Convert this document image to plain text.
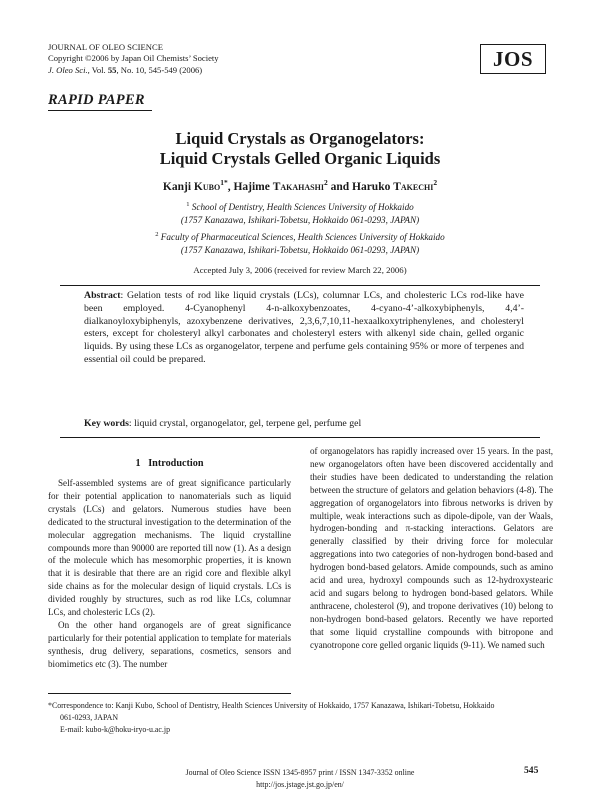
JOURNAL OF OLEO SCIENCE
Copyright ©2006 by Japan Oil Chemists’ Society
J. Oleo Sci., Vol. 55, No. 10, 545-549 (2006)	JOS
RAPID PAPER
Liquid Crystals as Organogelators:
Liquid Crystals Gelled Organic Liquids
Kanji Kubo$^{1*}$, Hajime Takahashi$^2$ and Haruko Takechi$^2$
$^1$ School of Dentistry, Health Sciences University of Hokkaido
(1757 Kanazawa, Ishikari-Tobetsu, Hokkaido 061-0293, JAPAN)
$^2$ Faculty of Pharmaceutical Sciences, Health Sciences University of Hokkaido
(1757 Kanazawa, Ishikari-Tobetsu, Hokkaido 061-0293, JAPAN)
Accepted July 3, 2006 (received for review March 22, 2006)
Abstract: Gelation tests of rod like liquid crystals (LCs), columnar LCs, and cholesteric LCs rod-like have been employed. 4-Cyanophenyl 4-n-alkoxybenzoates, 4-cyano-4’-alkoxybiphenyls, 4,4’-dialkanoyloxybiphenyls, azoxybenzene derivatives, 2,3,6,7,10,11-hexaalkoxytriphenylenes, and cholesteryl esters, except for cholesteryl alkyl carbonates and cholesteryl esters with alkenyl side chain, gelled organic liquids. By using these LCs as organogelator, terpene and perfume gels containing 95% or more of terpenes and essential oil could be prepared.
Key words: liquid crystal, organogelator, gel, terpene gel, perfume gel
1 Introduction

Self-assembled systems are of great significance particularly for their potential application to nanomaterials such as liquid crystals (LCs) and gelators. Numerous studies have been dedicated to the structural investigation to the determination of the molecular aggregation mechanisms. The liquid crystalline compounds more than 90000 are reported till now (1). As a design of the molecule which has mesomorphic properties, it is known that it is desirable that there are an rigid core and flexible alkyl side chains as for the molecular design of liquid crystals. LCs is divided roughly by structures, such as rod like LCs, columnar LCs, and cholesteric LCs (2).

On the other hand organogels are of great significance particularly for their potential application to template for materials synthesis, drug delivery, separations, cosmetics, sensors and biomimetics etc (3). The number

of organogelators has rapidly increased over 15 years. In the past, new organogelators often have been discovered accidentally and their studies have been dedicated to understanding the relation between the structure of gelators and gelation behaviors (4-8). The aggregation of organogelators into fibrous networks is driven by multiple, weak interactions such as dipole-dipole, van der Waals, hydrogen-bonding and π-stacking interactions. Gelators are generally classified by their driving force for molecular aggregations into two categories of non-hydrogen bond-based and hydrogen bond-based gelators. Amide compounds, such as amino acid and urea, hydroxyl compounds such as 12-hydroxystearic acid and sugars belong to hydrogen bond-based gelators. While anthracene, cholesterol (9), and tropone derivatives (10) belong to non-hydrogen bond-based gelators. Recently we have reported that some liquid crystalline compounds with bitropone and cyanotropone core gelled organic liquids (9-11). We named such

*Correspondence to: Kanji Kubo, School of Dentistry, Health Sciences University of Hokkaido, 1757 Kanazawa, Ishikari-Tobetsu, Hokkaido
061-0293, JAPAN
E-mail: kubo-k@hoku-iryo-u.ac.jp
Journal of Oleo Science ISSN 1345-8957 print / ISSN 1347-3352 online
http://jos.jstage.jst.go.jp/en/
545
